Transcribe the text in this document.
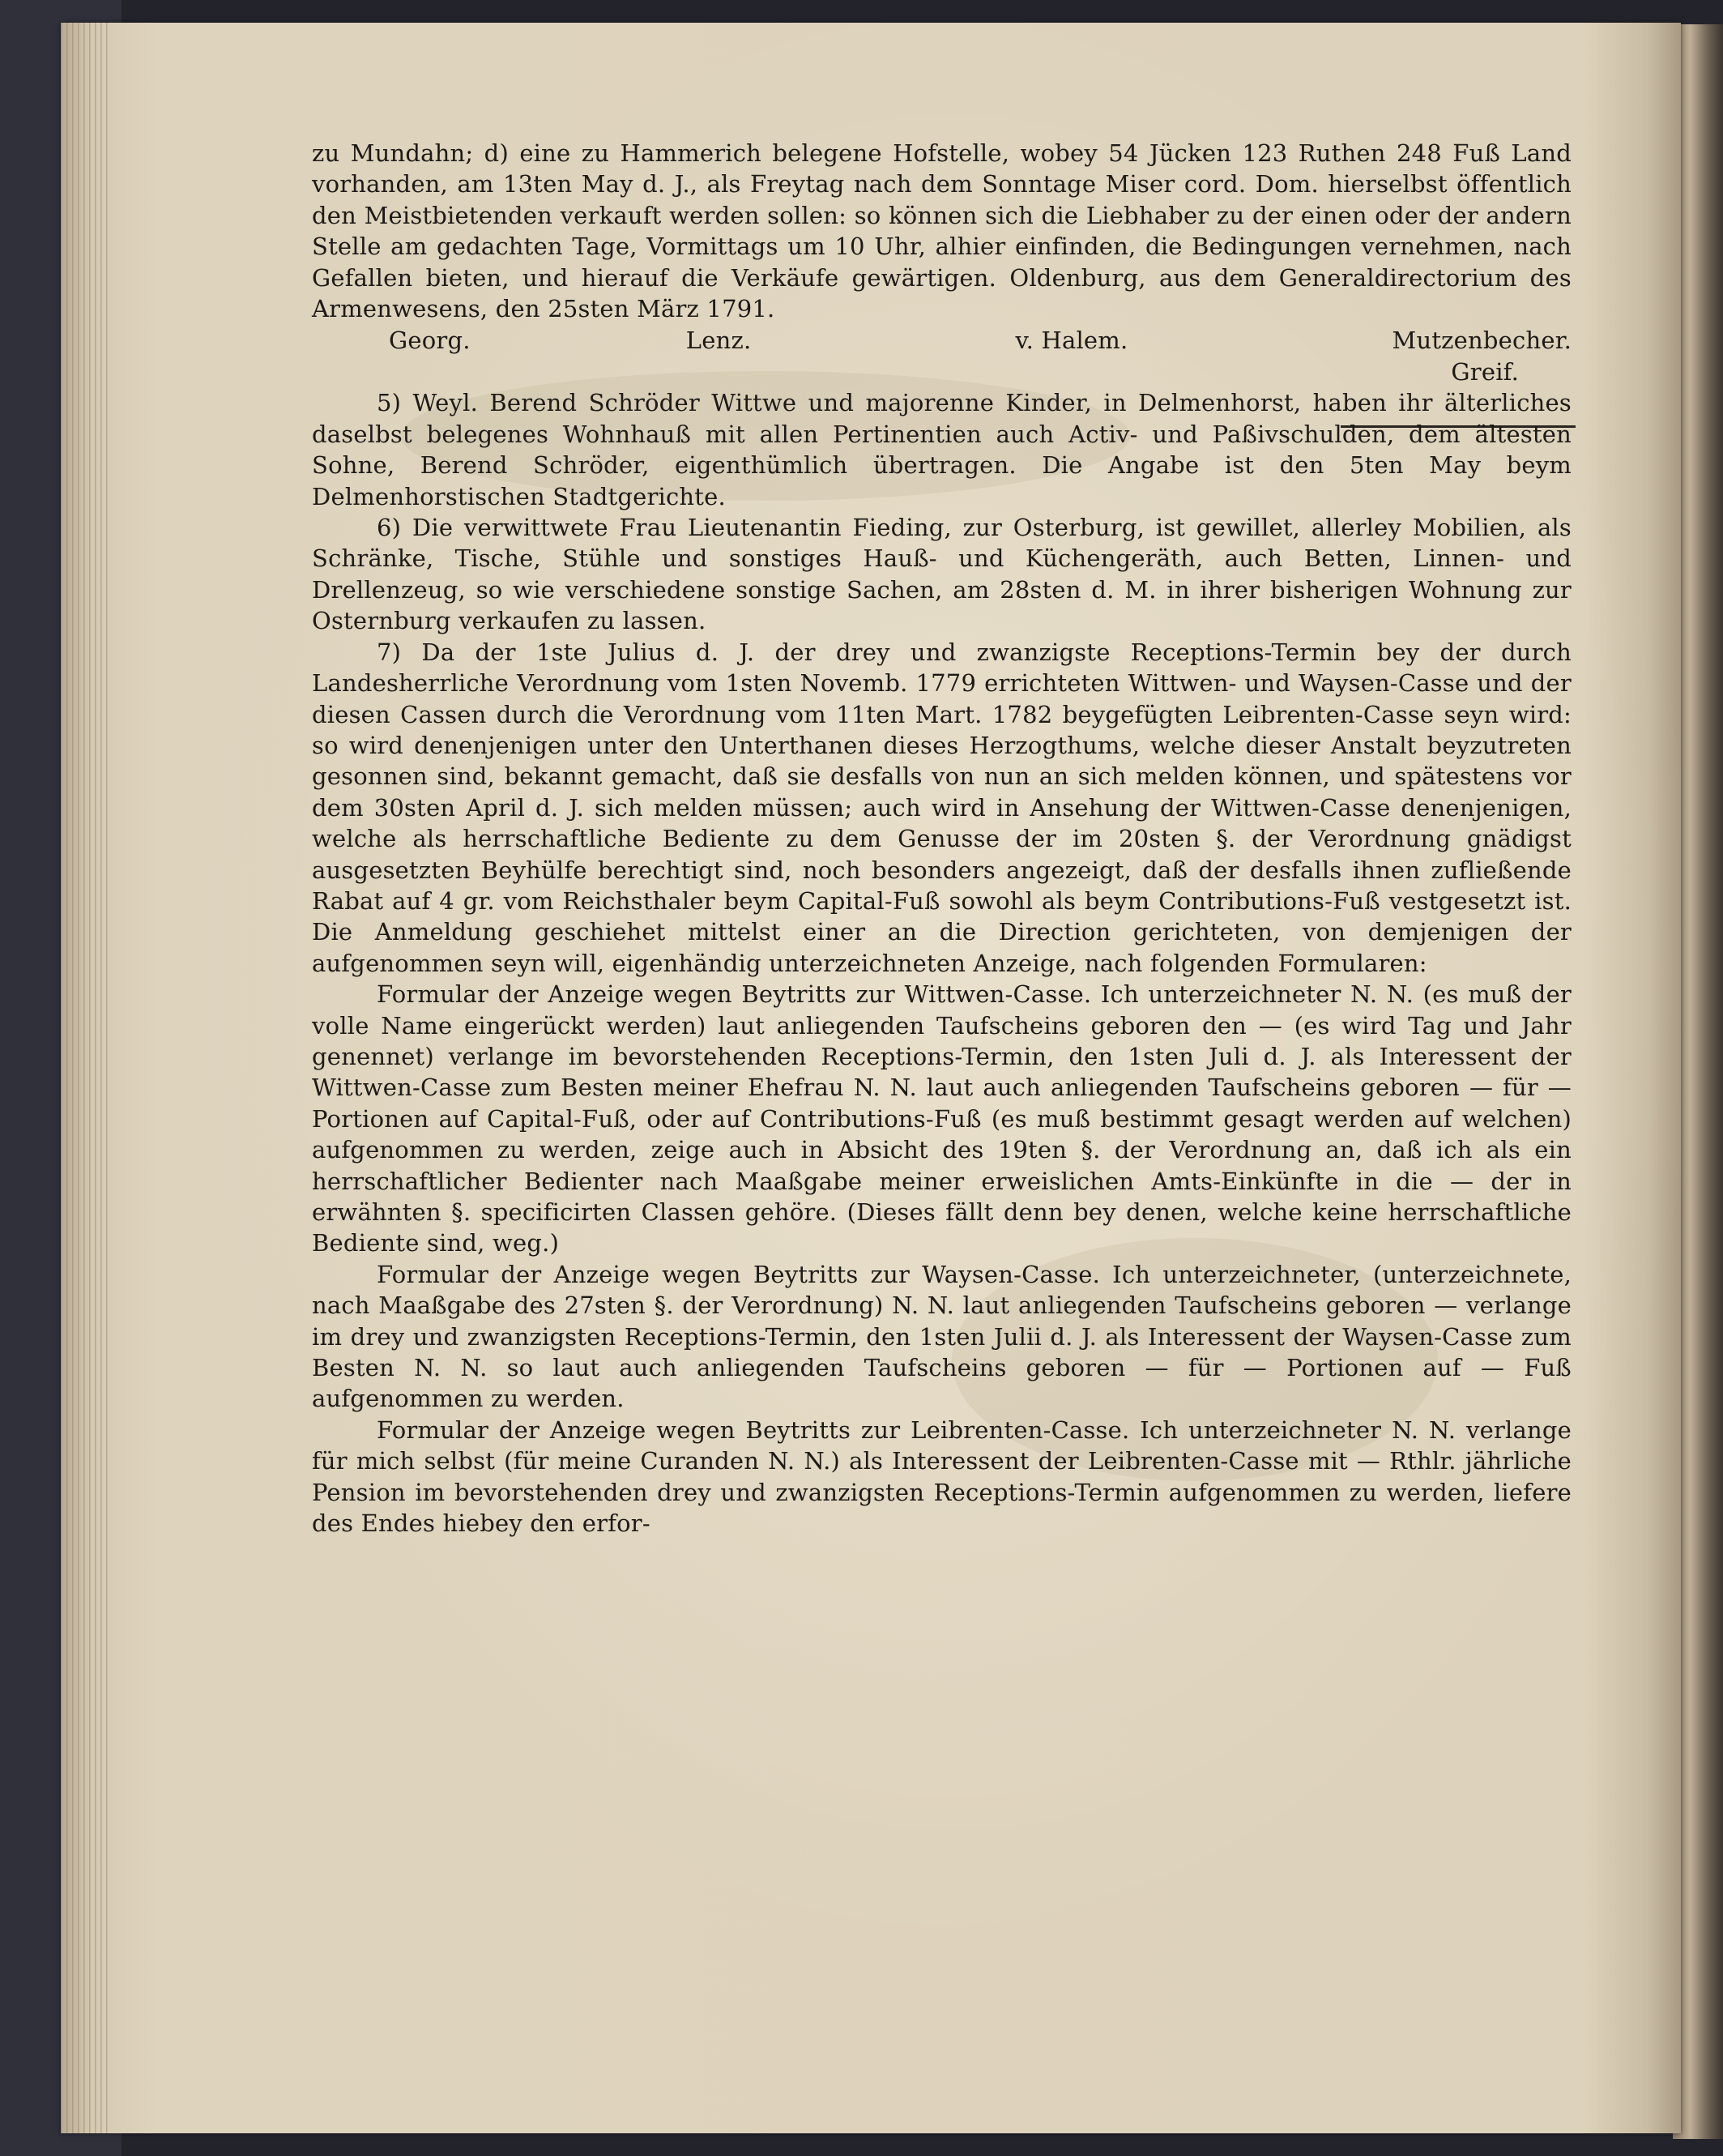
zu Mundahn; d) eine zu Hammerich belegene Hofstelle, wobey 54 Jücken 123 Ruthen 248 Fuß Land vorhanden, am 13ten May d. J., als Freytag nach dem Sonntage Miser cord. Dom. hierselbst öffentlich den Meistbietenden verkauft werden sollen: so können sich die Liebhaber zu der einen oder der andern Stelle am gedachten Tage, Vormittags um 10 Uhr, alhier einfinden, die Bedingungen vernehmen, nach Gefallen bieten, und hierauf die Verkäufe gewärtigen. Oldenburg, aus dem Generaldirectorium des Armenwesens, den 25sten März 1791.

Georg.	Lenz.	v. Halem.	Mutzenbecher.

Greif.

5) Weyl. Berend Schröder Wittwe und majorenne Kinder, in Delmenhorst, haben ihr älterliches daselbst belegenes Wohnhauß mit allen Pertinentien auch Activ- und Paßivschulden, dem ältesten Sohne, Berend Schröder, eigenthümlich übertragen. Die Angabe ist den 5ten May beym Delmenhorstischen Stadtgerichte.

6) Die verwittwete Frau Lieutenantin Fieding, zur Osterburg, ist gewillet, allerley Mobilien, als Schränke, Tische, Stühle und sonstiges Hauß- und Küchengeräth, auch Betten, Linnen- und Drellenzeug, so wie verschiedene sonstige Sachen, am 28sten d. M. in ihrer bisherigen Wohnung zur Osternburg verkaufen zu lassen.

7) Da der 1ste Julius d. J. der drey und zwanzigste Receptions-Termin bey der durch Landesherrliche Verordnung vom 1sten Novemb. 1779 errichteten Wittwen- und Waysen-Casse und der diesen Cassen durch die Verordnung vom 11ten Mart. 1782 beygefügten Leibrenten-Casse seyn wird: so wird denenjenigen unter den Unterthanen dieses Herzogthums, welche dieser Anstalt beyzutreten gesonnen sind, bekannt gemacht, daß sie desfalls von nun an sich melden können, und spätestens vor dem 30sten April d. J. sich melden müssen; auch wird in Ansehung der Wittwen-Casse denenjenigen, welche als herrschaftliche Bediente zu dem Genusse der im 20sten §. der Verordnung gnädigst ausgesetzten Beyhülfe berechtigt sind, noch besonders angezeigt, daß der desfalls ihnen zufließende Rabat auf 4 gr. vom Reichsthaler beym Capital-Fuß sowohl als beym Contributions-Fuß vestgesetzt ist. Die Anmeldung geschiehet mittelst einer an die Direction gerichteten, von demjenigen der aufgenommen seyn will, eigenhändig unterzeichneten Anzeige, nach folgenden Formularen:

Formular der Anzeige wegen Beytritts zur Wittwen-Casse. Ich unterzeichneter N. N. (es muß der volle Name eingerückt werden) laut anliegenden Taufscheins geboren den — (es wird Tag und Jahr genennet) verlange im bevorstehenden Receptions-Termin, den 1sten Juli d. J. als Interessent der Wittwen-Casse zum Besten meiner Ehefrau N. N. laut auch anliegenden Taufscheins geboren — für — Portionen auf Capital-Fuß, oder auf Contributions-Fuß (es muß bestimmt gesagt werden auf welchen) aufgenommen zu werden, zeige auch in Absicht des 19ten §. der Verordnung an, daß ich als ein herrschaftlicher Bedienter nach Maaßgabe meiner erweislichen Amts-Einkünfte in die — der in erwähnten §. specificirten Classen gehöre. (Dieses fällt denn bey denen, welche keine herrschaftliche Bediente sind, weg.)

Formular der Anzeige wegen Beytritts zur Waysen-Casse. Ich unterzeichneter, (unterzeichnete, nach Maaßgabe des 27sten §. der Verordnung) N. N. laut anliegenden Taufscheins geboren — verlange im drey und zwanzigsten Receptions-Termin, den 1sten Julii d. J. als Interessent der Waysen-Casse zum Besten N. N. so laut auch anliegenden Taufscheins geboren — für — Portionen auf — Fuß aufgenommen zu werden.

Formular der Anzeige wegen Beytritts zur Leibrenten-Casse. Ich unterzeichneter N. N. verlange für mich selbst (für meine Curanden N. N.) als Interessent der Leibrenten-Casse mit — Rthlr. jährliche Pension im bevorstehenden drey und zwanzigsten Receptions-Termin aufgenommen zu werden, liefere des Endes hiebey den erfor-
